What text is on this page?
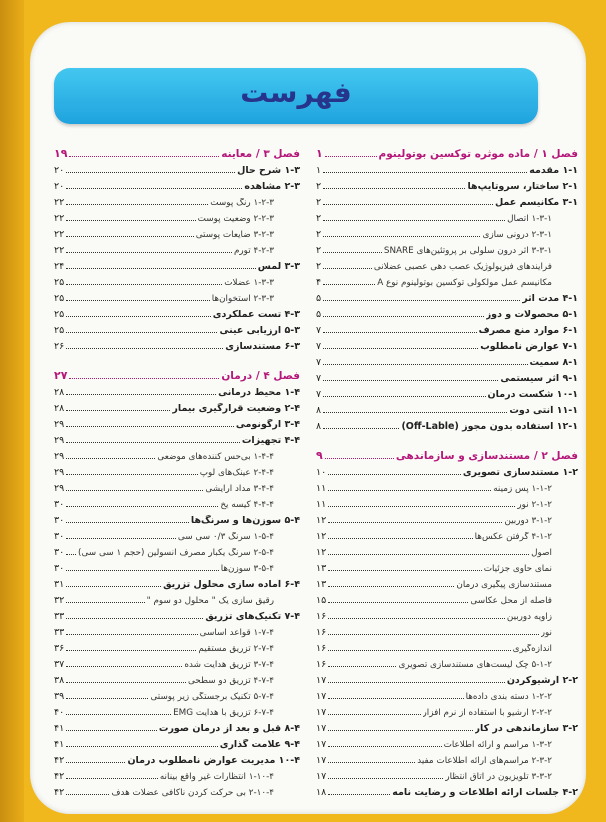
فهرست
فصل ۱ / ماده موثره توکسین بوتولینوم
۱
۱-۱ مقدمه
۱
۲-۱ ساختار، سروتایپ‌ها
۲
۳-۱ مکانیسم عمل
۲
۱-۳-۱ اتصال
۲
۲-۳-۱ درونی سازی
۲
۳-۳-۱ اثر درون سلولی بر پروتئین‌های SNARE
۲
فرایندهای فیزیولوژیک عصب دهی عصبی عضلانی
۲
مکانیسم عمل مولکولی توکسین بوتولینوم نوع A
۴
۴-۱ مدت اثر
۵
۵-۱ محصولات و دوز
۵
۶-۱ موارد منع مصرف
۷
۷-۱ عوارض نامطلوب
۷
۸-۱ سمیت
۷
۹-۱ اثر سیستمی
۷
۱۰-۱ شکست درمان
۷
۱۱-۱ آنتی دوت
۸
۱۲-۱ استفاده بدون مجوز (Off-Lable)
۸
فصل ۲ / مستندسازی و سازماندهی
۹
۱-۲ مستندسازی تصویری
۱۰
۱-۱-۲ پس زمینه
۱۱
۲-۱-۲ نور
۱۱
۳-۱-۲ دوربین
۱۲
۴-۱-۲ گرفتن عکس‌ها
۱۲
اصول
۱۲
نمای حاوی جزئیات
۱۳
مستندسازی پیگیری درمان
۱۳
فاصله از محل عکاسی
۱۵
زاویه دوربین
۱۶
نور
۱۶
اندازه‌گیری
۱۶
۵-۱-۲ چک لیست‌های مستندسازی تصویری
۱۶
۲-۲ آرشیوکردن
۱۷
۱-۲-۲ دسته بندی داده‌ها
۱۷
۲-۲-۲ آرشیو با استفاده از نرم افزار
۱۷
۳-۲ سازماندهی در کار
۱۷
۱-۳-۲ مراسم و ارائه اطلاعات
۱۷
۲-۳-۲ مراسم‌های ارائه اطلاعات مفید
۱۷
۳-۳-۲ تلویزیون در اتاق انتظار
۱۷
۴-۲ جلسات ارائه اطلاعات و رضایت نامه
۱۸
فصل ۳ / معاینه
۱۹
۱-۳ شرح حال
۲۰
۲-۳ مشاهده
۲۰
۱-۲-۳ رنگ پوست
۲۲
۲-۲-۳ وضعیت پوست
۲۲
۳-۲-۳ ضایعات پوستی
۲۲
۴-۲-۳ تورم
۲۲
۳-۳ لمس
۲۴
۱-۳-۳ عضلات
۲۵
۲-۳-۳ استخوان‌ها
۲۵
۴-۳ تست عملکردی
۲۵
۵-۳ ارزیابی عینی
۲۵
۶-۳ مستندسازی
۲۶
فصل ۴ / درمان
۲۷
۱-۴ محیط درمانی
۲۸
۲-۴ وضعیت قرارگیری بیمار
۲۸
۳-۴ ارگونومی
۲۹
۴-۴ تجهیزات
۲۹
۱-۴-۴ بی‌حس کننده‌های موضعی
۲۹
۲-۴-۴ عینک‌های لوپ
۲۹
۳-۴-۴ مداد آرایشی
۲۹
۴-۴-۴ کیسه یخ
۳۰
۵-۴ سوزن‌ها و سرنگ‌ها
۳۰
۱-۵-۴ سرنگ ۰/۳ سی سی
۳۰
۲-۵-۴ سرنگ یکبار مصرف انسولین (حجم ۱ سی سی)
۳۰
۳-۵-۴ سوزن‌ها
۳۰
۶-۴ آماده سازی محلول تزریق
۳۱
رقیق سازی یک " محلول دو سوم "
۳۲
۷-۴ تکنیک‌های تزریق
۳۳
۱-۷-۴ قواعد اساسی
۳۳
۲-۷-۴ تزریق مستقیم
۳۶
۳-۷-۴ تزریق هدایت شده
۳۷
۴-۷-۴ تزریق دو سطحی
۳۸
۵-۷-۴ تکنیک برجستگی زیر پوستی
۳۹
۶-۷-۴ تزریق با هدایت EMG
۴۰
۸-۴ قبل و بعد از درمان صورت
۴۱
۹-۴ علامت گذاری
۴۱
۱۰-۴ مدیریت عوارض نامطلوب درمان
۴۲
۱-۱۰-۴ انتظارات غیر واقع بینانه
۴۲
۲-۱۰-۴ بی حرکت کردن ناکافی عضلات هدف
۴۲
